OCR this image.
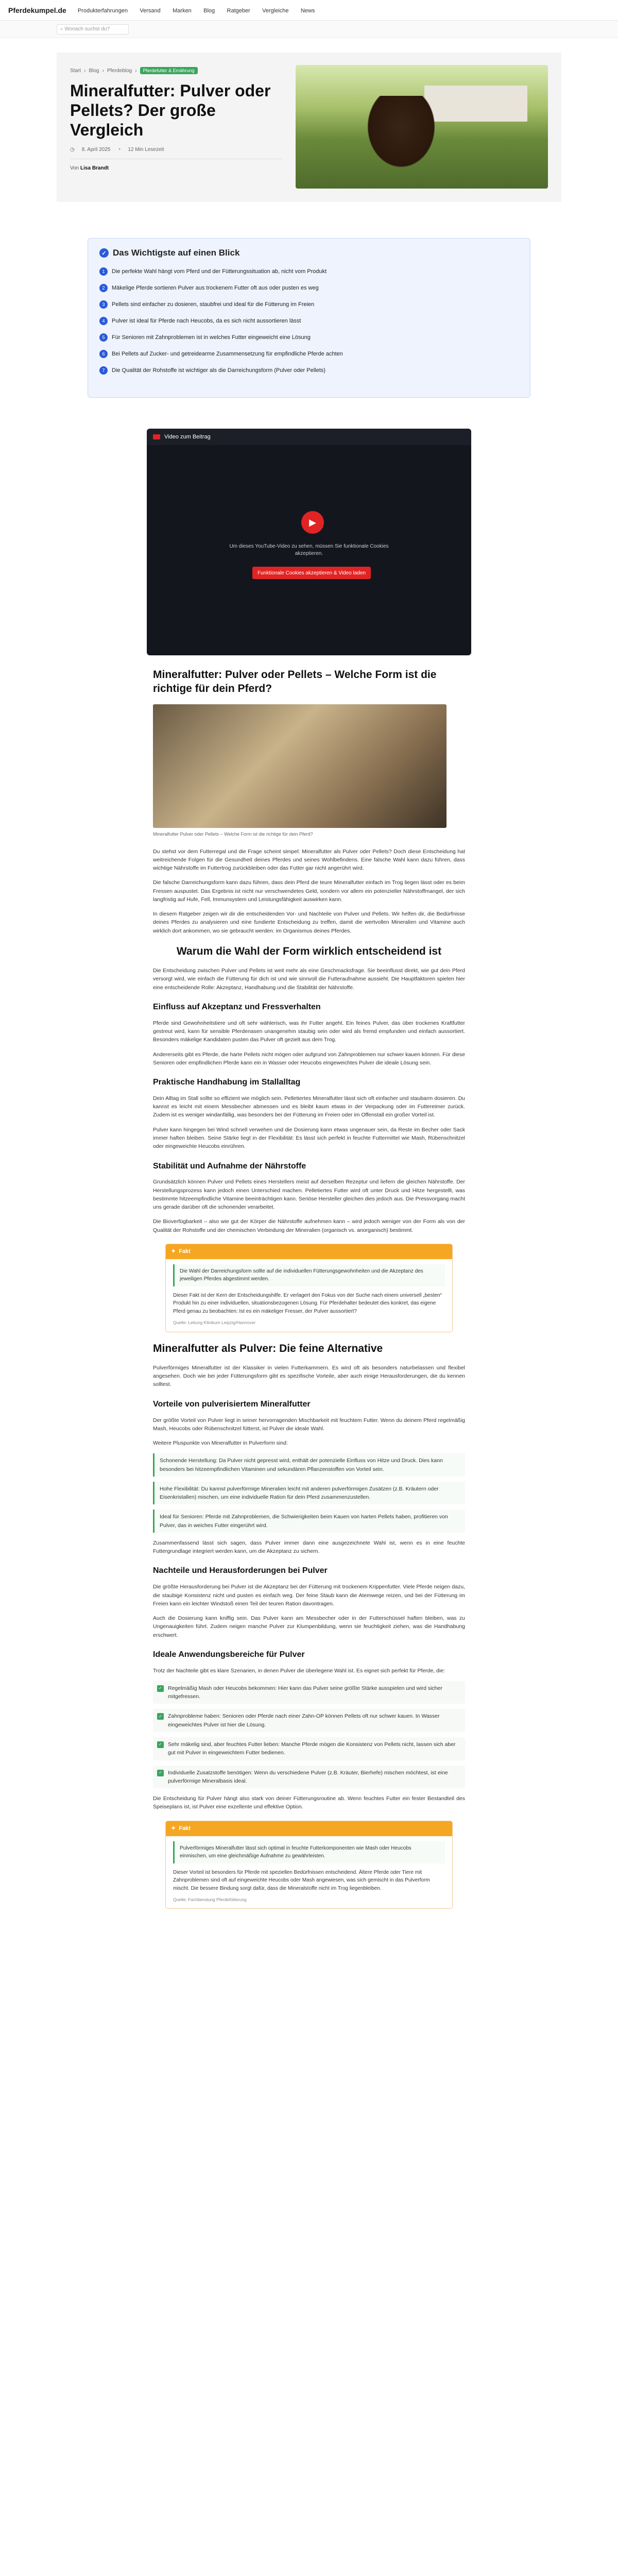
Pferdekumpel.de Produkterfahrungen Versand Marken Blog Ratgeber Vergleiche News
⌕ Wonach suchst du?
Start › Blog › Pferdeblog ›	Pferdefutter & Ernährung
Mineralfutter: Pulver oder Pellets? Der große Vergleich
◷ 8. April 2025 ◔ 12 Min Lesezeit
Von Lisa Brandt
✓ Das Wichtigste auf einen Blick
1	Die perfekte Wahl hängt vom Pferd und der Fütterungssituation ab, nicht vom Produkt
2	Mäkelige Pferde sortieren Pulver aus trockenem Futter oft aus oder pusten es weg
3	Pellets sind einfacher zu dosieren, staubfrei und ideal für die Fütterung im Freien
4	Pulver ist ideal für Pferde nach Heucobs, da es sich nicht aussortieren lässt
5	Für Senioren mit Zahnproblemen ist in welches Futter eingeweicht eine Lösung
6	Bei Pellets auf Zucker- und getreidearme Zusammensetzung für empfindliche Pferde achten
7	Die Qualität der Rohstoffe ist wichtiger als die Darreichungsform (Pulver oder Pellets)
Video zum Beitrag
▶
Um dieses YouTube-Video zu sehen, müssen Sie funktionale Cookies akzeptieren.
Funktionale Cookies akzeptieren & Video laden
Mineralfutter: Pulver oder Pellets – Welche Form ist die richtige für dein Pferd?
Mineralfutter Pulver oder Pellets – Welche Form ist die richtige für dein Pferd?

Du stehst vor dem Futterregal und die Frage scheint simpel: Mineralfutter als Pulver oder Pellets? Doch diese Entscheidung hat weitreichende Folgen für die Gesundheit deines Pferdes und seines Wohlbefindens. Eine falsche Wahl kann dazu führen, dass wichtige Nährstoffe im Futtertrog zurückbleiben oder das Futter gar nicht angerührt wird.

Die falsche Darreichungsform kann dazu führen, dass dein Pferd die teure Mineralfutter einfach im Trog liegen lässt oder es beim Fressen auspustet. Das Ergebnis ist nicht nur verschwendetes Geld, sondern vor allem ein potenzieller Nährstoffmangel, der sich langfristig auf Hufe, Fell, Immunsystem und Leistungsfähigkeit auswirken kann.

In diesem Ratgeber zeigen wir dir die entscheidenden Vor- und Nachteile von Pulver und Pellets. Wir helfen dir, die Bedürfnisse deines Pferdes zu analysieren und eine fundierte Entscheidung zu treffen, damit die wertvollen Mineralien und Vitamine auch wirklich dort ankommen, wo sie gebraucht werden: im Organismus deines Pferdes.

Warum die Wahl der Form wirklich entscheidend ist

Die Entscheidung zwischen Pulver und Pellets ist weit mehr als eine Geschmacksfrage. Sie beeinflusst direkt, wie gut dein Pferd versorgt wird, wie einfach die Fütterung für dich ist und wie sinnvoll die Futteraufnahme aussieht. Die Hauptfaktoren spielen hier eine entscheidende Rolle: Akzeptanz, Handhabung und die Stabilität der Nährstoffe.

Einfluss auf Akzeptanz und Fressverhalten

Pferde sind Gewohnheitstiere und oft sehr wählerisch, was ihr Futter angeht. Ein feines Pulver, das über trockenes Kraftfutter gestreut wird, kann für sensible Pferdenasen unangenehm staubig sein oder wird als fremd empfunden und einfach aussortiert. Besonders mäkelige Kandidaten pusten das Pulver oft gezielt aus dem Trog.

Andererseits gibt es Pferde, die harte Pellets nicht mögen oder aufgrund von Zahnproblemen nur schwer kauen können. Für diese Senioren oder empfindlichen Pferde kann ein in Wasser oder Heucobs eingeweichtes Pulver die ideale Lösung sein.

Praktische Handhabung im Stallalltag

Dein Alltag im Stall sollte so effizient wie möglich sein. Pelletiertes Mineralfutter lässt sich oft einfacher und staubarm dosieren. Du kannst es leicht mit einem Messbecher abmessen und es bleibt kaum etwas in der Verpackung oder im Futtereimer zurück. Zudem ist es weniger windanfällig, was besonders bei der Fütterung im Freien oder im Offenstall ein großer Vorteil ist.

Pulver kann hingegen bei Wind schnell verwehen und die Dosierung kann etwas ungenauer sein, da Reste im Becher oder Sack immer haften bleiben. Seine Stärke liegt in der Flexibilität: Es lässt sich perfekt in feuchte Futtermittel wie Mash, Rübenschnitzel oder eingeweichte Heucobs einrühren.

Stabilität und Aufnahme der Nährstoffe

Grundsätzlich können Pulver und Pellets eines Herstellers meist auf derselben Rezeptur und liefern die gleichen Nährstoffe. Der Herstellungsprozess kann jedoch einen Unterschied machen. Pelletiertes Futter wird oft unter Druck und Hitze hergestellt, was bestimmte hitzeempfindliche Vitamine beeinträchtigen kann. Seriöse Hersteller gleichen dies jedoch aus. Die Pressvorgang macht uns gerade darüber oft die schonender verarbeitet.

Die Bioverfügbarkeit – also wie gut der Körper die Nährstoffe aufnehmen kann – wird jedoch weniger von der Form als von der Qualität der Rohstoffe und der chemischen Verbindung der Mineralien (organisch vs. anorganisch) bestimmt.

✦ Fakt
Die Wahl der Darreichungsform sollte auf die individuellen Fütterungsgewohnheiten und die Akzeptanz des jeweiligen Pferdes abgestimmt werden.
Dieser Fakt ist der Kern der Entscheidungshilfe. Er verlagert den Fokus von der Suche nach einem universell „besten“ Produkt hin zu einer individuellen, situationsbezogenen Lösung. Für Pferdehalter bedeutet dies konkret, das eigene Pferd genau zu beobachten: Ist es ein mäkeliger Fresser, der Pulver aussortiert?
Quelle: Leitung Klinikum Leipzig/Hannover
Mineralfutter als Pulver: Die feine Alternative

Pulverförmiges Mineralfutter ist der Klassiker in vielen Futterkammern. Es wird oft als besonders naturbelassen und flexibel angesehen. Doch wie bei jeder Fütterungsform gibt es spezifische Vorteile, aber auch einige Herausforderungen, die du kennen solltest.

Vorteile von pulverisiertem Mineralfutter

Der größte Vorteil von Pulver liegt in seiner hervorragenden Mischbarkeit mit feuchtem Futter. Wenn du deinem Pferd regelmäßig Mash, Heucobs oder Rübenschnitzel fütterst, ist Pulver die ideale Wahl.

Weitere Pluspunkte von Mineralfutter in Pulverform sind:

Schonende Herstellung: Da Pulver nicht gepresst wird, enthält der potenzielle Einfluss von Hitze und Druck. Dies kann besonders bei hitzeempfindlichen Vitaminen und sekundären Pflanzenstoffen von Vorteil sein.
Hohe Flexibilität: Du kannst pulverförmige Mineralien leicht mit anderen pulverförmigen Zusätzen (z.B. Kräutern oder Eisenkristallen) mischen, um eine individuelle Ration für dein Pferd zusammenzustellen.
Ideal für Senioren: Pferde mit Zahnproblemen, die Schwierigkeiten beim Kauen von harten Pellets haben, profitieren von Pulver, das in weiches Futter eingerührt wird.

Zusammenfassend lässt sich sagen, dass Pulver immer dann eine ausgezeichnete Wahl ist, wenn es in eine feuchte Futtergrundlage integriert werden kann, um die Akzeptanz zu sichern.

Nachteile und Herausforderungen bei Pulver

Die größte Herausforderung bei Pulver ist die Akzeptanz bei der Fütterung mit trockenem Krippenfutter. Viele Pferde neigen dazu, die staubige Konsistenz nicht und pusten es einfach weg. Der feine Staub kann die Atemwege reizen, und bei der Fütterung im Freien kann ein leichter Windstoß einen Teil der teuren Ration davontragen.

Auch die Dosierung kann kniffig sein. Das Pulver kann am Messbecher oder in der Futterschüssel haften bleiben, was zu Ungenauigkeiten führt. Zudem neigen manche Pulver zur Klumpenbildung, wenn sie feuchtigkeit ziehen, was die Handhabung erschwert.

Ideale Anwendungsbereiche für Pulver

Trotz der Nachteile gibt es klare Szenarien, in denen Pulver die überlegene Wahl ist. Es eignet sich perfekt für Pferde, die:

✓	Regelmäßig Mash oder Heucobs bekommen: Hier kann das Pulver seine größte Stärke ausspielen und wird sicher mitgefressen.
✓	Zahnprobleme haben: Senioren oder Pferde nach einer Zahn-OP können Pellets oft nur schwer kauen. In Wasser eingeweichtes Pulver ist hier die Lösung.
✓	Sehr mäkelig sind, aber feuchtes Futter lieben: Manche Pferde mögen die Konsistenz von Pellets nicht, lassen sich aber gut mit Pulver in eingeweichtem Futter bedienen.
✓	Individuelle Zusatzstoffe benötigen: Wenn du verschiedene Pulver (z.B. Kräuter, Bierhefe) mischen möchtest, ist eine pulverförmige Mineralbasis ideal.

Die Entscheidung für Pulver hängt also stark von deiner Fütterungsroutine ab. Wenn feuchtes Futter ein fester Bestandteil des Speiseplans ist, ist Pulver eine exzellente und effektive Option.

✦ Fakt
Pulverförmiges Mineralfutter lässt sich optimal in feuchte Futterkomponenten wie Mash oder Heucobs einmischen, um eine gleichmäßige Aufnahme zu gewährleisten.
Dieser Vorteil ist besonders für Pferde mit speziellen Bedürfnissen entscheidend. Ältere Pferde oder Tiere mit Zahnproblemen sind oft auf eingeweichte Heucobs oder Mash angewiesen, was sich gemischt in das Pulverform mischt. Die bessere Bindung sorgt dafür, dass die Mineralstoffe nicht im Trog liegenbleiben.
Quelle: Fachberatung Pferdefütterung
